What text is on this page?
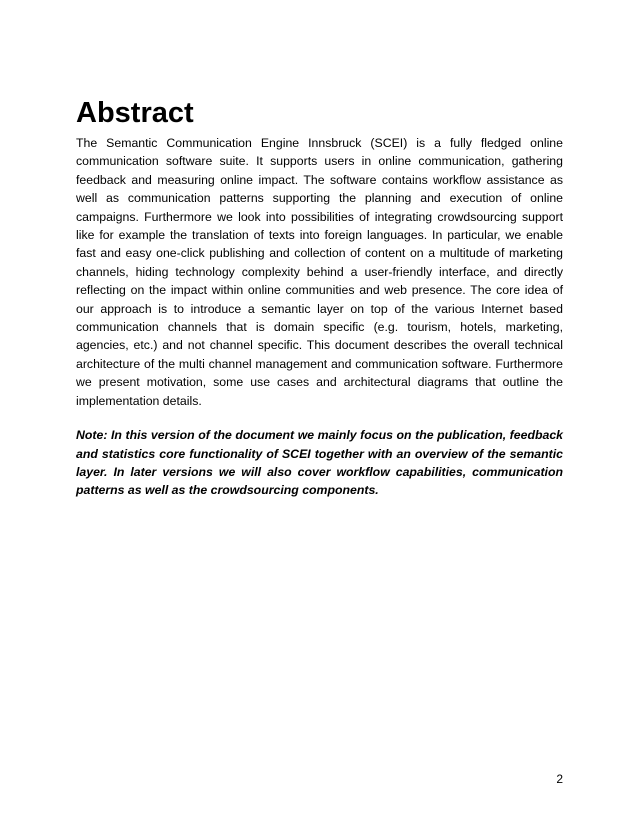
Abstract

The Semantic Communication Engine Innsbruck (SCEI) is a fully fledged online communication software suite. It supports users in online communication, gathering feedback and measuring online impact. The software contains workflow assistance as well as communication patterns supporting the planning and execution of online campaigns. Furthermore we look into possibilities of integrating crowdsourcing support like for example the translation of texts into foreign languages. In particular, we enable fast and easy one-click publishing and collection of content on a multitude of marketing channels, hiding technology complexity behind a user-friendly interface, and directly reflecting on the impact within online communities and web presence. The core idea of our approach is to introduce a semantic layer on top of the various Internet based communication channels that is domain specific (e.g. tourism, hotels, marketing, agencies, etc.) and not channel specific. This document describes the overall technical architecture of the multi channel management and communication software. Furthermore we present motivation, some use cases and architectural diagrams that outline the implementation details.

Note: In this version of the document we mainly focus on the publication, feedback and statistics core functionality of SCEI together with an overview of the semantic layer. In later versions we will also cover workflow capabilities, communication patterns as well as the crowdsourcing components.

2
